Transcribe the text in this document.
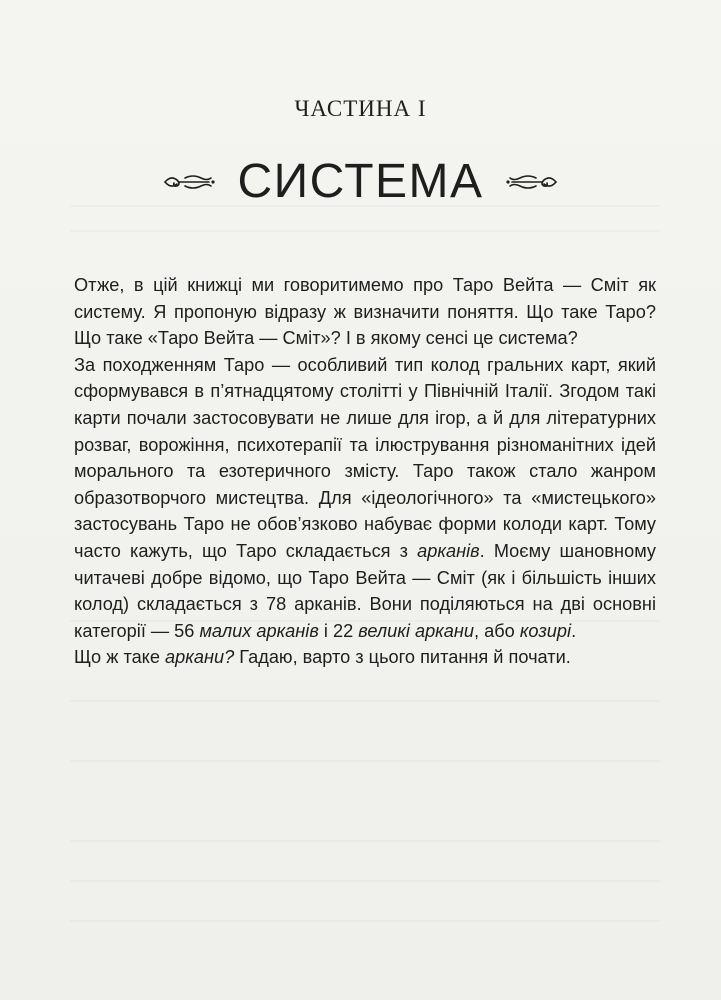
ЧАСТИНА I
СИСТЕМА

Отже, в цій книжці ми говоритимемо про Таро Вейта — Сміт як систему. Я пропоную відразу ж визначити поняття. Що таке Таро? Що таке «Таро Вейта — Сміт»? І в якому сенсі це система?

За походженням Таро — особливий тип колод гральних карт, який сформувався в п’ятнадцятому столітті у Північній Італії. Згодом такі карти почали застосовувати не лише для ігор, а й для літературних розваг, ворожіння, психотерапії та ілюстрування різноманітних ідей морального та езотеричного змісту. Таро також стало жанром образотворчого мистецтва. Для «ідеологічного» та «мистецького» застосувань Таро не обов’язково набуває форми колоди карт. Тому часто кажуть, що Таро складається з арканів. Моєму шановному читачеві добре відомо, що Таро Вейта — Сміт (як і більшість інших колод) складається з 78 арканів. Вони поділяються на дві основні категорії — 56 малих арканів і 22 великі аркани, або козирі.

Що ж таке аркани? Гадаю, варто з цього питання й почати.
